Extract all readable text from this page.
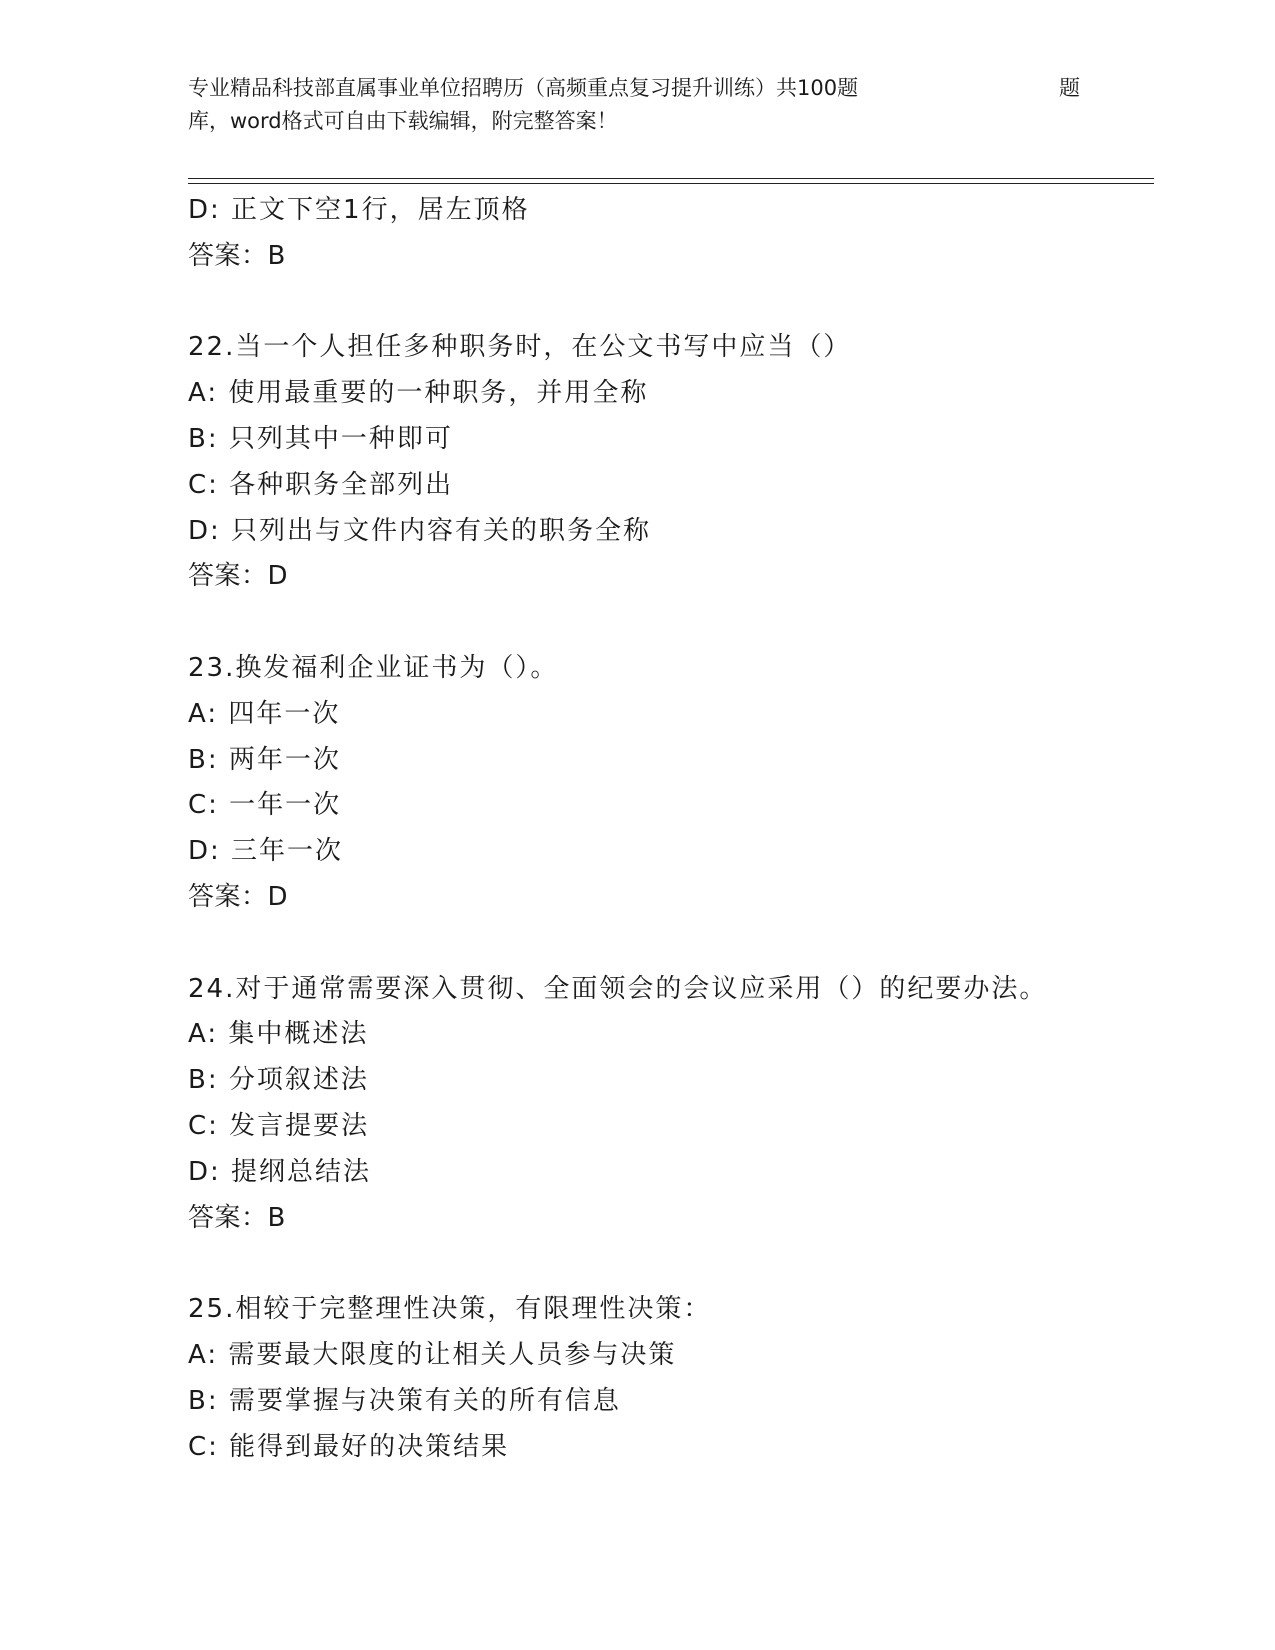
专业精品科技部直属事业单位招聘历（高频重点复习提升训练）共100题	题
库，word格式可自由下载编辑，附完整答案！
D: 正文下空1行，居左顶格
答案：B
22.当一个人担任多种职务时，在公文书写中应当（）
A: 使用最重要的一种职务，并用全称
B: 只列其中一种即可
C: 各种职务全部列出
D: 只列出与文件内容有关的职务全称
答案：D
23.换发福利企业证书为（）。
A: 四年一次
B: 两年一次
C: 一年一次
D: 三年一次
答案：D
24.对于通常需要深入贯彻、全面领会的会议应采用（）的纪要办法。
A: 集中概述法
B: 分项叙述法
C: 发言提要法
D: 提纲总结法
答案：B
25.相较于完整理性决策，有限理性决策：
A: 需要最大限度的让相关人员参与决策
B: 需要掌握与决策有关的所有信息
C: 能得到最好的决策结果
